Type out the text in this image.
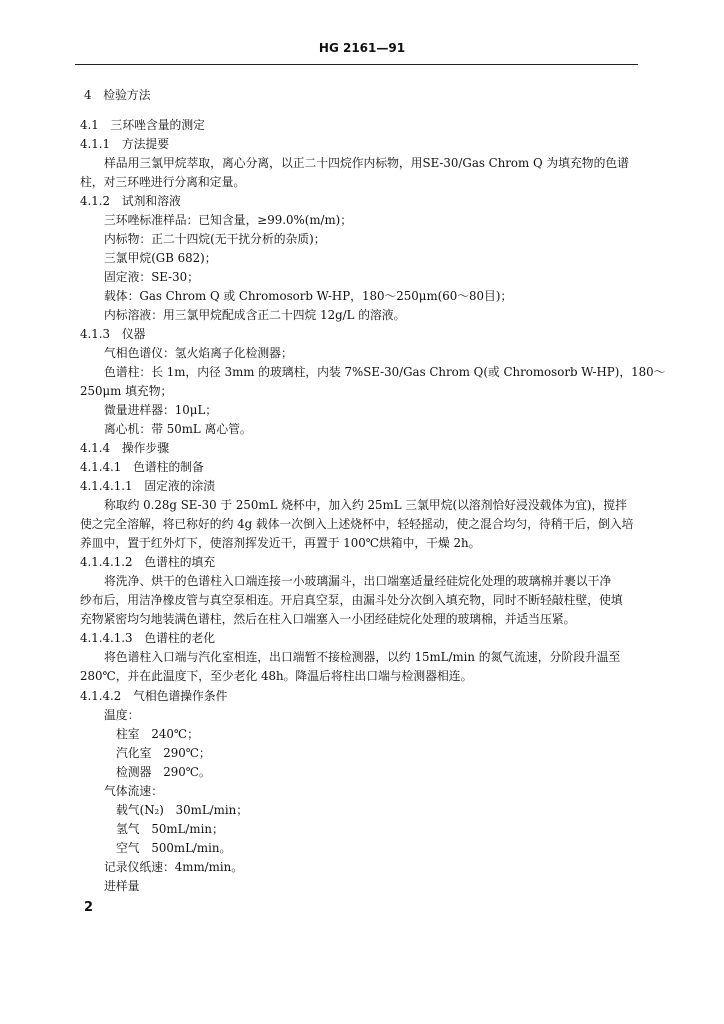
HG 2161—91
4　检验方法
4.1　三环唑含量的测定
4.1.1　方法提要
样品用三氯甲烷萃取，离心分离，以正二十四烷作内标物，用SE-30/Gas Chrom Q 为填充物的色谱
柱，对三环唑进行分离和定量。
4.1.2　试剂和溶液
三环唑标准样品：已知含量，≥99.0%(m/m)；
内标物：正二十四烷(无干扰分析的杂质)；
三氯甲烷(GB 682)；
固定液：SE-30；
载体：Gas Chrom Q 或 Chromosorb W-HP，180～250μm(60～80目)；
内标溶液：用三氯甲烷配成含正二十四烷 12g/L 的溶液。
4.1.3　仪器
气相色谱仪：氢火焰离子化检测器；
色谱柱：长 1m，内径 3mm 的玻璃柱，内装 7%SE-30/Gas Chrom Q(或 Chromosorb W-HP)，180～
250μm 填充物；
微量进样器：10μL；
离心机：带 50mL 离心管。
4.1.4　操作步骤
4.1.4.1　色谱柱的制备
4.1.4.1.1　固定液的涂渍
称取约 0.28g SE-30 于 250mL 烧杯中，加入约 25mL 三氯甲烷(以溶剂恰好浸没载体为宜)，搅拌
使之完全溶解，将已称好的约 4g 载体一次倒入上述烧杯中，轻轻摇动，使之混合均匀，待稍干后，倒入培
养皿中，置于红外灯下，使溶剂挥发近干，再置于 100℃烘箱中，干燥 2h。
4.1.4.1.2　色谱柱的填充
将洗净、烘干的色谱柱入口端连接一小玻璃漏斗，出口端塞适量经硅烷化处理的玻璃棉并裹以干净
纱布后，用洁净橡皮管与真空泵相连。开启真空泵，由漏斗处分次倒入填充物，同时不断轻敲柱壁，使填
充物紧密均匀地装满色谱柱，然后在柱入口端塞入一小团经硅烷化处理的玻璃棉，并适当压紧。
4.1.4.1.3　色谱柱的老化
将色谱柱入口端与汽化室相连，出口端暂不接检测器，以约 15mL/min 的氮气流速，分阶段升温至
280℃，并在此温度下，至少老化 48h。降温后将柱出口端与检测器相连。
4.1.4.2　气相色谱操作条件
温度：
柱室　240℃；
汽化室　290℃；
检测器　290℃。
气体流速：
载气(N₂)　30mL/min；
氢气　50mL/min；
空气　500mL/min。
记录仪纸速：4mm/min。
进样量
2
